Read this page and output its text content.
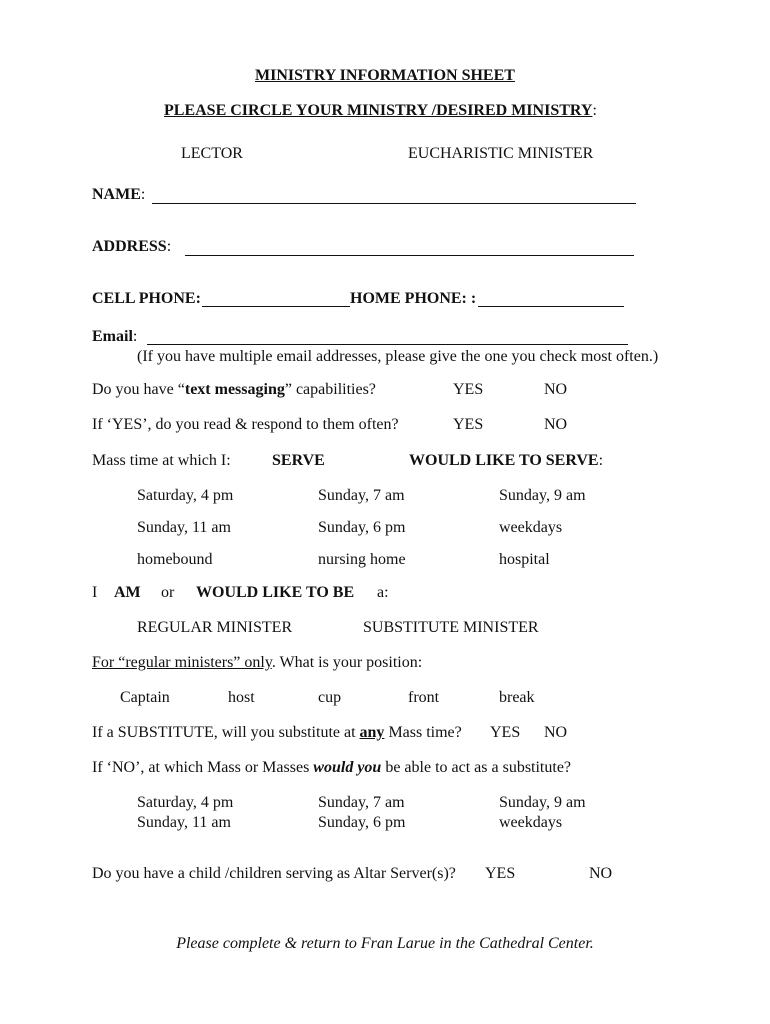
MINISTRY INFORMATION SHEET
PLEASE CIRCLE YOUR MINISTRY /DESIRED MINISTRY:
LECTOR	EUCHARISTIC MINISTER
NAME:
ADDRESS:
CELL PHONE:	HOME PHONE: :
Email:
(If you have multiple email addresses, please give the one you check most often.)
Do you have “text messaging” capabilities?	YES	NO
If ‘YES’, do you read & respond to them often?	YES	NO
Mass time at which I:	SERVE	WOULD LIKE TO SERVE:
Saturday, 4 pm	Sunday, 7 am	Sunday, 9 am
Sunday, 11 am	Sunday, 6 pm	weekdays
homebound	nursing home	hospital
I AM or WOULD LIKE TO BE a:
REGULAR MINISTER	SUBSTITUTE MINISTER
For “regular ministers” only. What is your position:
Captain	host	cup	front	break
If a SUBSTITUTE, will you substitute at any Mass time? YES NO
If ‘NO’, at which Mass or Masses would you be able to act as a substitute?
Saturday, 4 pm	Sunday, 7 am	Sunday, 9 am
Sunday, 11 am	Sunday, 6 pm	weekdays
Do you have a child /children serving as Altar Server(s)? YES	NO
Please complete & return to Fran Larue in the Cathedral Center.
